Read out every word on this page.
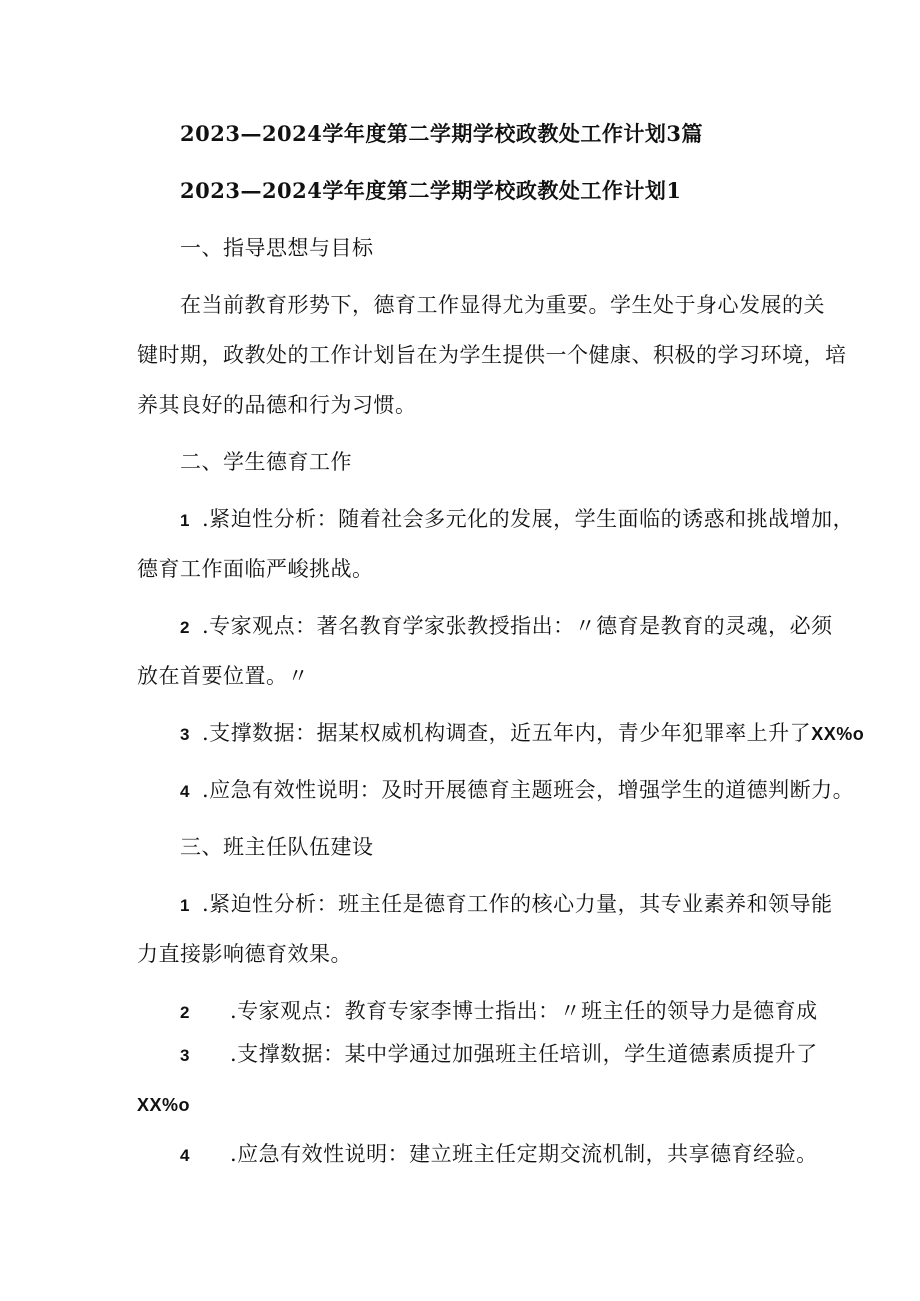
2023—2024学年度第二学期学校政教处工作计划3篇
2023—2024学年度第二学期学校政教处工作计划1
一、指导思想与目标
在当前教育形势下，德育工作显得尤为重要。学生处于身心发展的关
键时期，政教处的工作计划旨在为学生提供一个健康、积极的学习环境，培
养其良好的品德和行为习惯。
二、学生德育工作
1 .紧迫性分析：随着社会多元化的发展，学生面临的诱惑和挑战增加，
德育工作面临严峻挑战。
2 .专家观点：著名教育学家张教授指出：〃德育是教育的灵魂，必须
放在首要位置。〃
3 .支撑数据：据某权威机构调查，近五年内，青少年犯罪率上升了XX%o
4 .应急有效性说明：及时开展德育主题班会，增强学生的道德判断力。
三、班主任队伍建设
1 .紧迫性分析：班主任是德育工作的核心力量，其专业素养和领导能
力直接影响德育效果。
2 .专家观点：教育专家李博士指出：〃班主任的领导力是德育成
3 .支撑数据：某中学通过加强班主任培训，学生道德素质提升了
XX%o
4 .应急有效性说明：建立班主任定期交流机制，共享德育经验。
